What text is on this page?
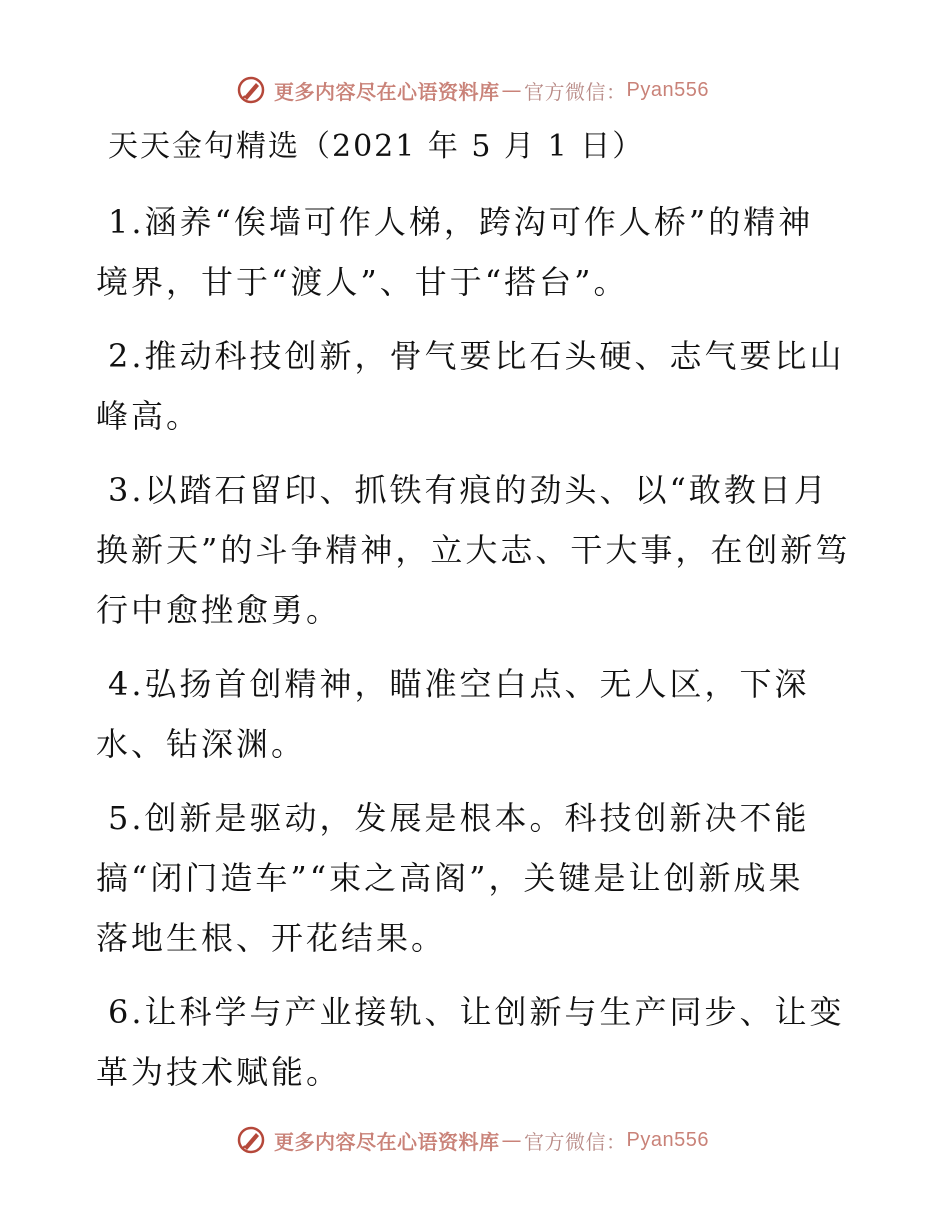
更多内容尽在心语资料库 — 官方微信： Pyan556
天天金句精选（2021 年 5 月 1 日）
1.涵养“俟墙可作人梯，跨沟可作人桥”的精神
境界，甘于“渡人”、甘于“搭台”。
2.推动科技创新，骨气要比石头硬、志气要比山
峰高。
3.以踏石留印、抓铁有痕的劲头、以“敢教日月
换新天”的斗争精神，立大志、干大事，在创新笃
行中愈挫愈勇。
4.弘扬首创精神，瞄准空白点、无人区，下深
水、钻深渊。
5.创新是驱动，发展是根本。科技创新决不能
搞“闭门造车”“束之高阁”，关键是让创新成果
落地生根、开花结果。
6.让科学与产业接轨、让创新与生产同步、让变
革为技术赋能。
更多内容尽在心语资料库 — 官方微信： Pyan556
